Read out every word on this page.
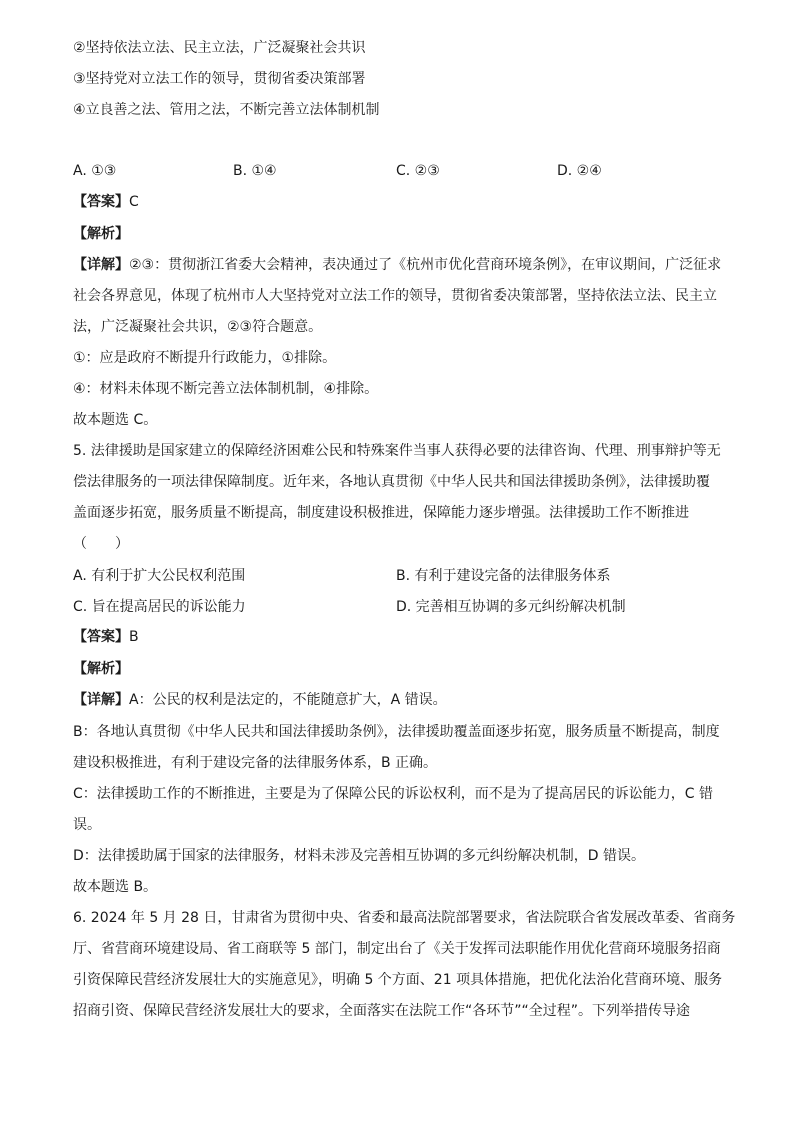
②坚持依法立法、民主立法，广泛凝聚社会共识
③坚持党对立法工作的领导，贯彻省委决策部署
④立良善之法、管用之法，不断完善立法体制机制
A. ①③	B. ①④	C. ②③	D. ②④
【答案】C
【解析】
【详解】②③：贯彻浙江省委大会精神，表决通过了《杭州市优化营商环境条例》，在审议期间，广泛征求
社会各界意见，体现了杭州市人大坚持党对立法工作的领导，贯彻省委决策部署，坚持依法立法、民主立
法，广泛凝聚社会共识，②③符合题意。
①：应是政府不断提升行政能力，①排除。
④：材料未体现不断完善立法体制机制，④排除。
故本题选 C。
5. 法律援助是国家建立的保障经济困难公民和特殊案件当事人获得必要的法律咨询、代理、刑事辩护等无
偿法律服务的一项法律保障制度。近年来，各地认真贯彻《中华人民共和国法律援助条例》，法律援助覆
盖面逐步拓宽，服务质量不断提高，制度建设积极推进，保障能力逐步增强。法律援助工作不断推进
（　　）
A. 有利于扩大公民权利范围	B. 有利于建设完备的法律服务体系
C. 旨在提高居民的诉讼能力	D. 完善相互协调的多元纠纷解决机制
【答案】B
【解析】
【详解】A：公民的权利是法定的，不能随意扩大，A 错误。
B：各地认真贯彻《中华人民共和国法律援助条例》，法律援助覆盖面逐步拓宽，服务质量不断提高，制度
建设积极推进，有利于建设完备的法律服务体系，B 正确。
C：法律援助工作的不断推进，主要是为了保障公民的诉讼权利，而不是为了提高居民的诉讼能力，C 错
误。
D：法律援助属于国家的法律服务，材料未涉及完善相互协调的多元纠纷解决机制，D 错误。
故本题选 B。
6. 2024 年 5 月 28 日，甘肃省为贯彻中央、省委和最高法院部署要求，省法院联合省发展改革委、省商务
厅、省营商环境建设局、省工商联等 5 部门，制定出台了《关于发挥司法职能作用优化营商环境服务招商
引资保障民营经济发展壮大的实施意见》，明确 5 个方面、21 项具体措施，把优化法治化营商环境、服务
招商引资、保障民营经济发展壮大的要求，全面落实在法院工作“各环节”“全过程”。下列举措传导途
